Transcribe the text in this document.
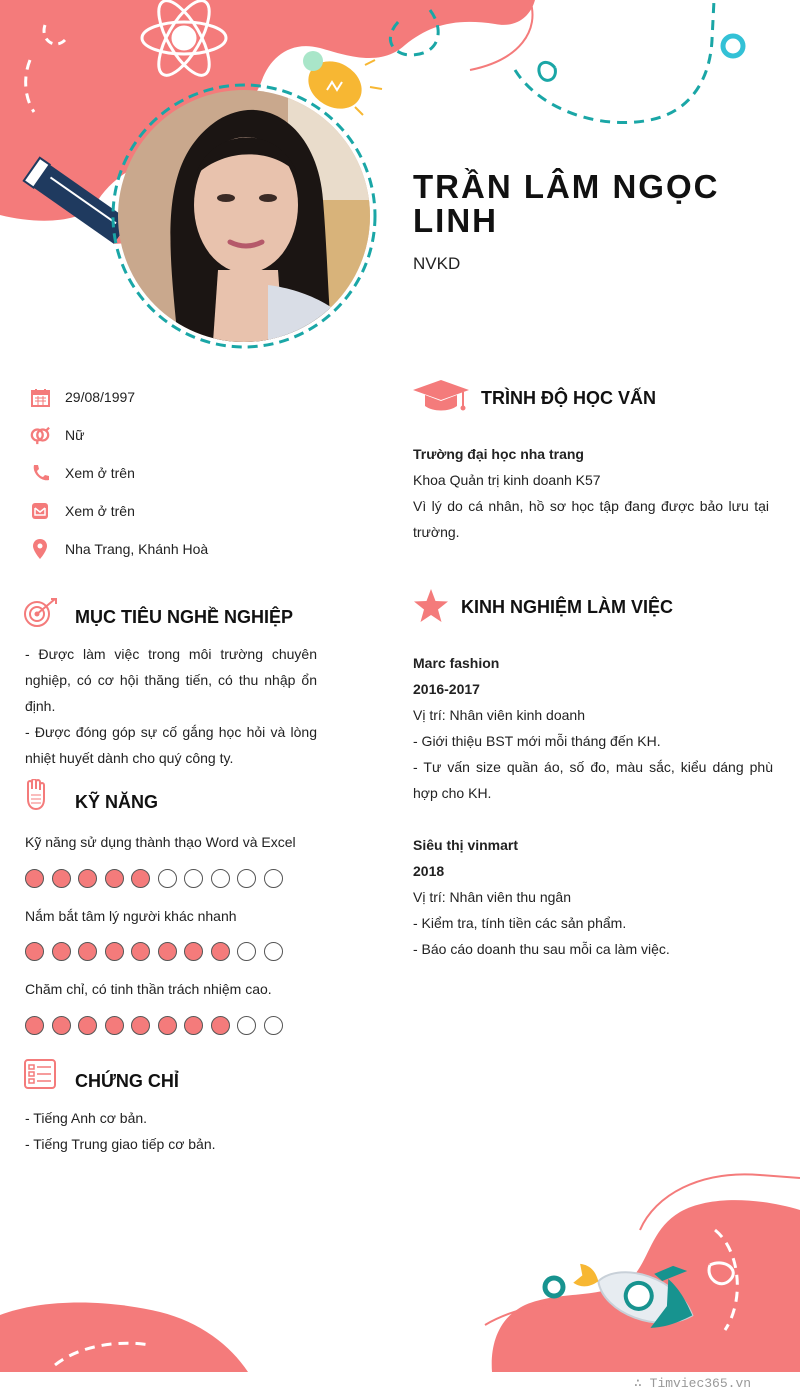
TRẦN LÂM NGỌC LINH
NVKD
29/08/1997
Nữ
Xem ở trên
Xem ở trên
Nha Trang, Khánh Hoà
MỤC TIÊU NGHỀ NGHIỆP

- Được làm việc trong môi trường chuyên nghiệp, có cơ hội thăng tiến, có thu nhập ổn định.

- Được đóng góp sự cố gắng học hỏi và lòng nhiệt huyết dành cho quý công ty.

KỸ NĂNG
Kỹ năng sử dụng thành thạo Word và Excel
Nắm bắt tâm lý người khác nhanh
Chăm chỉ, có tinh thần trách nhiệm cao.
CHỨNG CHỈ

- Tiếng Anh cơ bản.

- Tiếng Trung giao tiếp cơ bản.

TRÌNH ĐỘ HỌC VẤN

Trường đại học nha trang

Khoa Quản trị kinh doanh K57

Vì lý do cá nhân, hồ sơ học tập đang được bảo lưu tại trường.

KINH NGHIỆM LÀM VIỆC

Marc fashion

2016-2017

Vị trí: Nhân viên kinh doanh

- Giới thiệu BST mới mỗi tháng đến KH.

- Tư vấn size quần áo, số đo, màu sắc, kiểu dáng phù hợp cho KH.

Siêu thị vinmart

2018

Vị trí: Nhân viên thu ngân

- Kiểm tra, tính tiền các sản phẩm.

- Báo cáo doanh thu sau mỗi ca làm việc.

∴ Timviec365.vn
